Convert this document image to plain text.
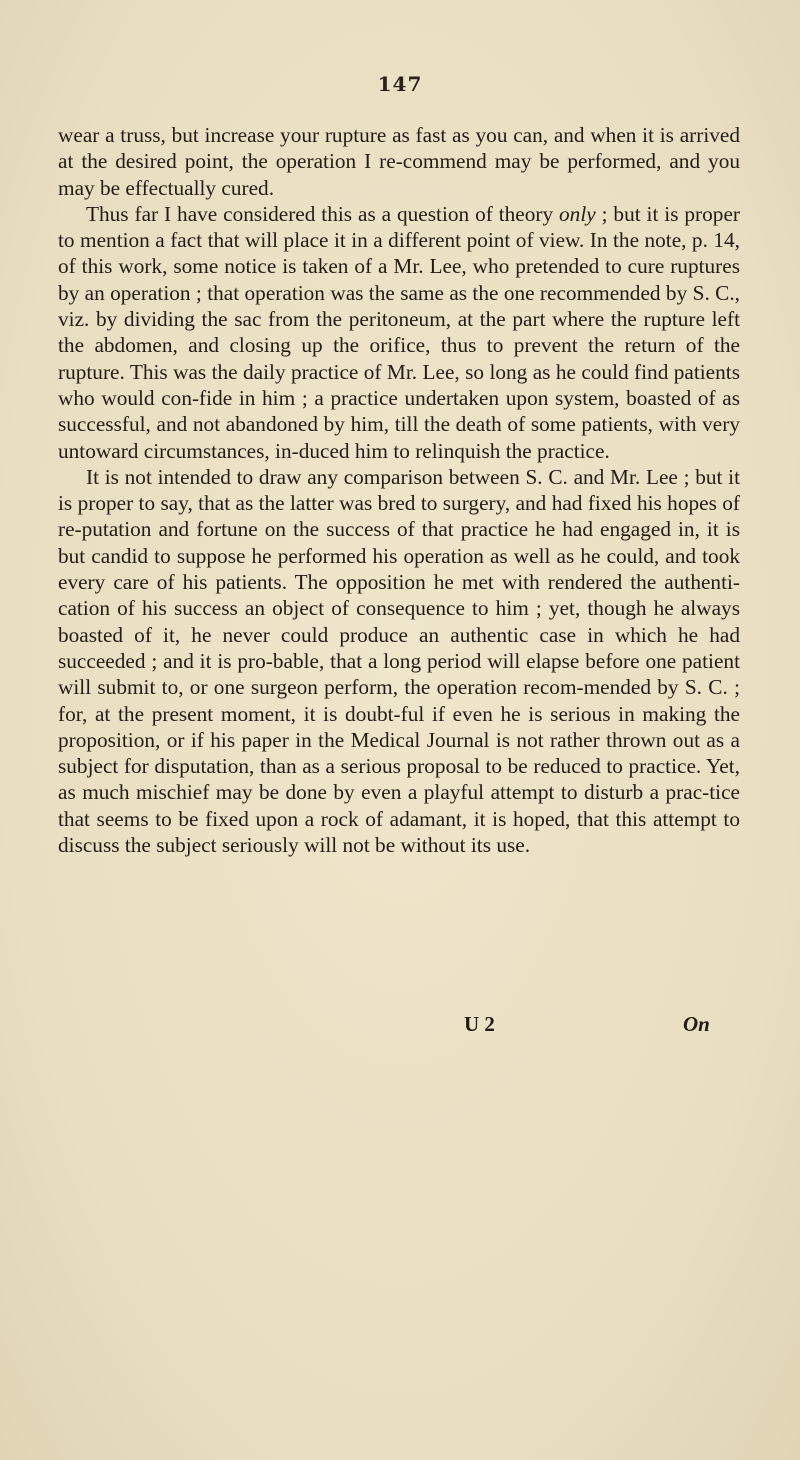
147

wear a truss, but increase your rupture as fast as you can, and when it is arrived at the desired point, the operation I re-commend may be performed, and you may be effectually cured.

Thus far I have considered this as a question of theory only ; but it is proper to mention a fact that will place it in a different point of view. In the note, p. 14, of this work, some notice is taken of a Mr. Lee, who pretended to cure ruptures by an operation ; that operation was the same as the one recommended by S. C., viz. by dividing the sac from the peritoneum, at the part where the rupture left the abdomen, and closing up the orifice, thus to prevent the return of the rupture. This was the daily practice of Mr. Lee, so long as he could find patients who would con-fide in him ; a practice undertaken upon system, boasted of as successful, and not abandoned by him, till the death of some patients, with very untoward circumstances, in-duced him to relinquish the practice.

It is not intended to draw any comparison between S. C. and Mr. Lee ; but it is proper to say, that as the latter was bred to surgery, and had fixed his hopes of re-putation and fortune on the success of that practice he had engaged in, it is but candid to suppose he performed his operation as well as he could, and took every care of his patients. The opposition he met with rendered the authenti-cation of his success an object of consequence to him ; yet, though he always boasted of it, he never could produce an authentic case in which he had succeeded ; and it is pro-bable, that a long period will elapse before one patient will submit to, or one surgeon perform, the operation recom-mended by S. C. ; for, at the present moment, it is doubt-ful if even he is serious in making the proposition, or if his paper in the Medical Journal is not rather thrown out as a subject for disputation, than as a serious proposal to be reduced to practice. Yet, as much mischief may be done by even a playful attempt to disturb a prac-tice that seems to be fixed upon a rock of adamant, it is hoped, that this attempt to discuss the subject seriously will not be without its use.

U 2	On
